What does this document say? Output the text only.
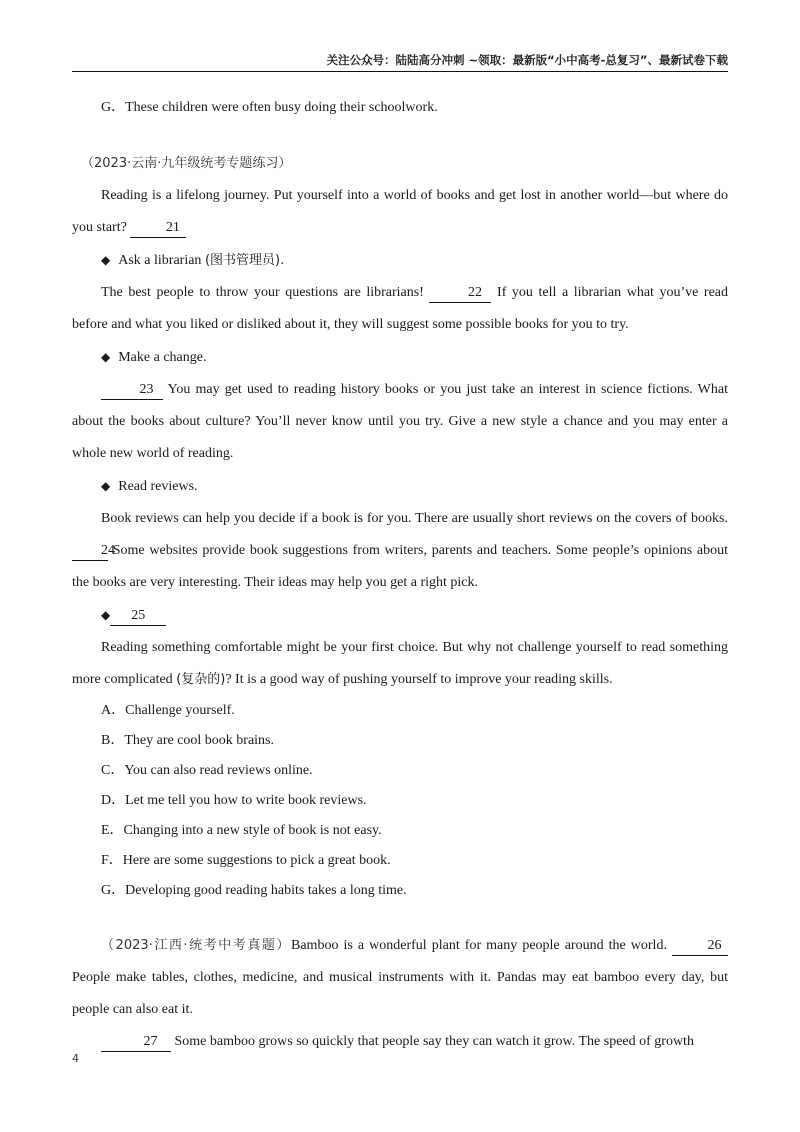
关注公众号：陆陆高分冲刺 ~领取：最新版“小中高考-总复习”、最新试卷下载

G．These children were often busy doing their schoolwork.

（2023·云南·九年级统考专题练习）

Reading is a lifelong journey. Put yourself into a world of books and get lost in another world—but where do you start?	21

◆ Ask a librarian (图书管理员).

The best people to throw your questions are librarians!	22 If you tell a librarian what you’ve read before and what you liked or disliked about it, they will suggest some possible books for you to try.

◆ Make a change.

23 You may get used to reading history books or you just take an interest in science fictions. What about the books about culture? You’ll never know until you try. Give a new style a chance and you may enter a whole new world of reading.

◆ Read reviews.

Book reviews can help you decide if a book is for you. There are usually short reviews on the covers of books. 24 Some websites provide book suggestions from writers, parents and teachers. Some people’s opinions about the books are very interesting. Their ideas may help you get a right pick.

◆ 25

Reading something comfortable might be your first choice. But why not challenge yourself to read something more complicated (复杂的)? It is a good way of pushing yourself to improve your reading skills.

A．Challenge yourself.

B．They are cool book brains.

C．You can also read reviews online.

D．Let me tell you how to write book reviews.

E．Changing into a new style of book is not easy.

F．Here are some suggestions to pick a great book.

G．Developing good reading habits takes a long time.

（2023·江西·统考中考真题）Bamboo is a wonderful plant for many people around the world.	26 People make tables, clothes, medicine, and musical instruments with it. Pandas may eat bamboo every day, but people can also eat it.

27 Some bamboo grows so quickly that people say they can watch it grow. The speed of growth

4
